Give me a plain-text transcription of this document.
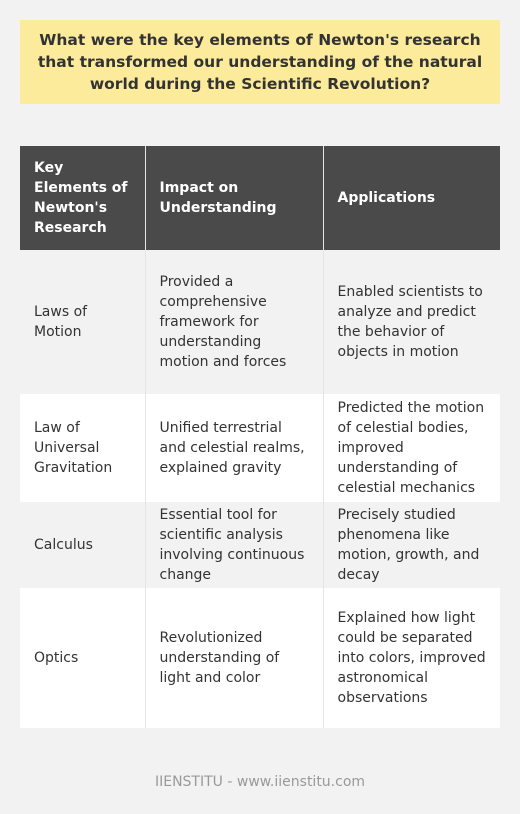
What were the key elements of Newton's research that transformed our understanding of the natural world during the Scientific Revolution?
Key Elements of Newton's Research	Impact on Understanding	Applications
Laws of Motion	Provided a comprehensive framework for understanding motion and forces	Enabled scientists to analyze and predict the behavior of objects in motion
Law of Universal Gravitation	Unified terrestrial and celestial realms, explained gravity	Predicted the motion of celestial bodies, improved understanding of celestial mechanics
Calculus	Essential tool for scientific analysis involving continuous change	Precisely studied phenomena like motion, growth, and decay
Optics	Revolutionized understanding of light and color	Explained how light could be separated into colors, improved astronomical observations
IIENSTITU - www.iienstitu.com
